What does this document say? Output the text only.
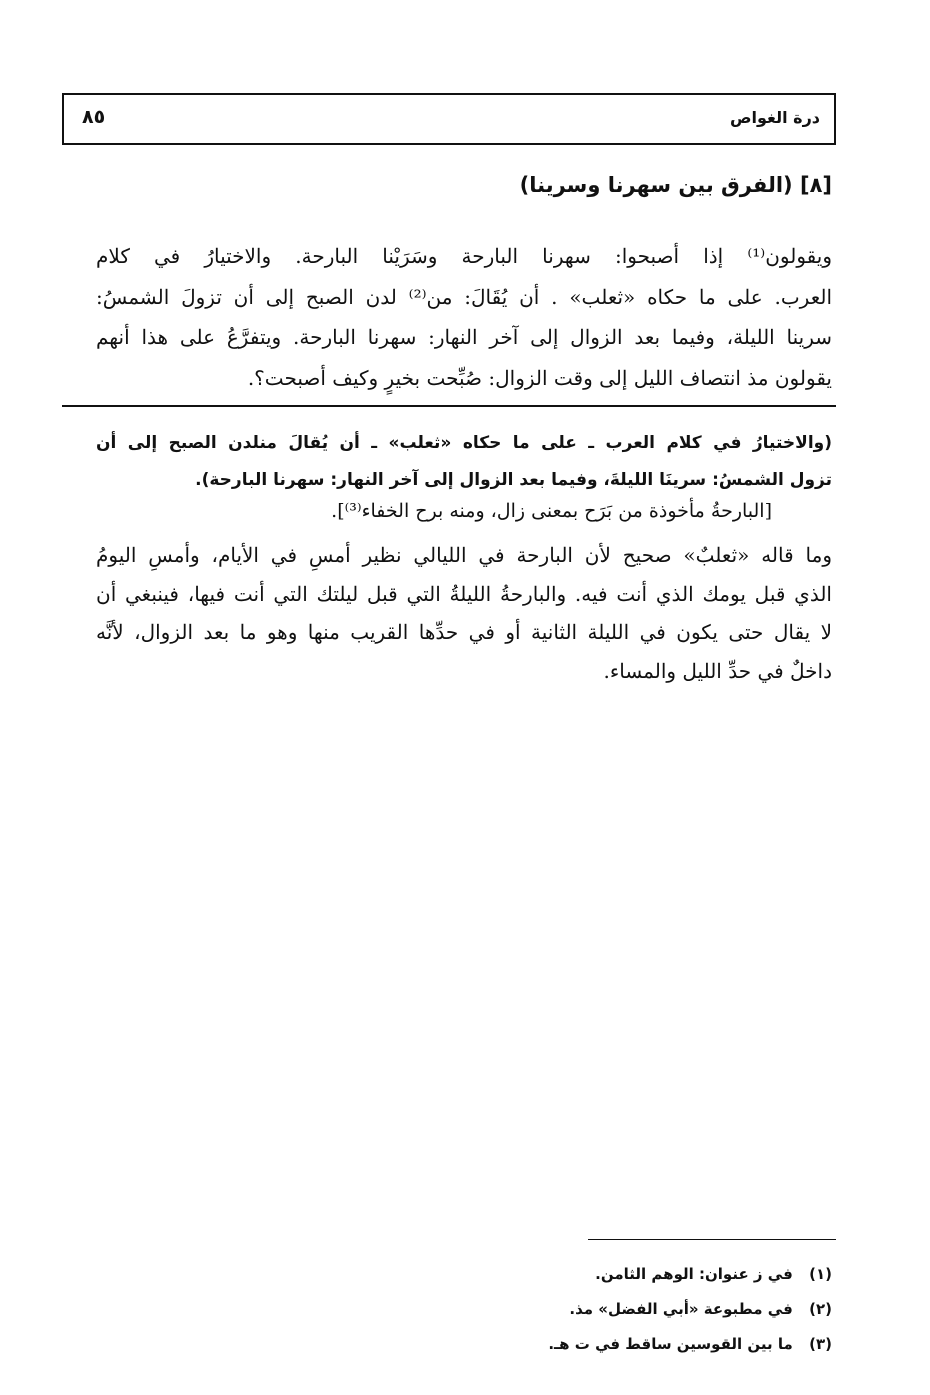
درة الغواص
٨٥
[٨] (الفرق بين سهرنا وسرينا)
ويقولون⁽¹⁾ إذا أصبحوا: سهرنا البارحة وسَرَيْنا البارحة. والاختيارُ في كلام
العرب. على ما حكاه «ثعلب» . أن يُقَالَ: من⁽²⁾ لدن الصبح إلى أن تزولَ الشمسُ:
سرينا الليلة، وفيما بعد الزوال إلى آخر النهار: سهرنا البارحة. ويتفرَّعُ على هذا أنهم
يقولون مذ انتصاف الليل إلى وقت الزوال: صُبِّحت بخيرٍ وكيف أصبحت؟.
(والاختيارُ في كلام العرب ـ على ما حكاه «ثعلب» ـ أن يُقالَ منلدن الصبح إلى أن
تزول الشمسُ: سرينَا الليلةَ، وفيما بعد الزوال إلى آخر النهار: سهرنا البارحة).
[البارحةُ مأخوذة من بَرَح بمعنى زال، ومنه برح الخفاء⁽³⁾].
وما قاله «ثعلبٌ» صحيح لأن البارحة في الليالي نظير أمسِ في الأيام، وأمسِ اليومُ
الذي قبل يومك الذي أنت فيه. والبارحةُ الليلةُ التي قبل ليلتك التي أنت فيها، فينبغي أن
لا يقال حتى يكون في الليلة الثانية أو في حدِّها القريب منها وهو ما بعد الزوال، لأنَّه
داخلٌ في حدِّ الليل والمساء.
(١) في ز عنوان: الوهم الثامن.
(٢) في مطبوعة «أبي الفضل» مذ.
(٣) ما بين القوسين ساقط في ت هـ.
